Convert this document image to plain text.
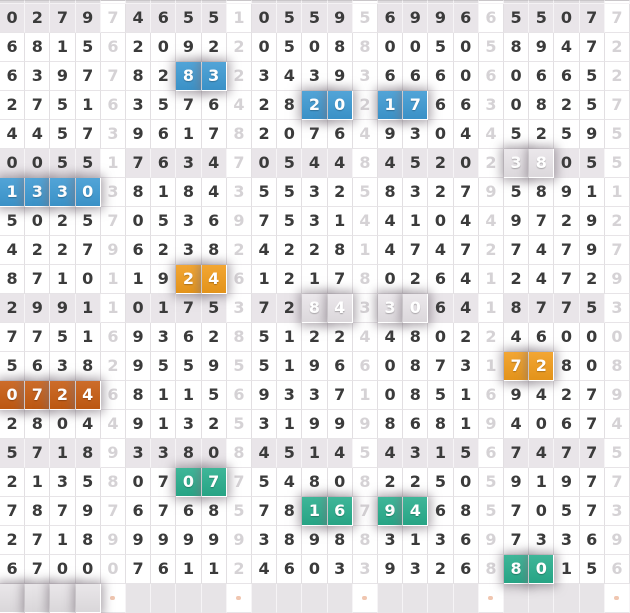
0 2 7 9 7 4 6 5 5 1 0 5 5 9 5 6 9 9 6 6 5 5 0 7 7
6 8 1 5 6 2 0 9 2 2 0 5 0 8 8 0 0 5 0 5 8 9 4 7 2
6 3 9 7 7 8 2 8 3 2 3 4 3 9 3 6 6 6 0 6 0 6 6 5 2
2 7 5 1 6 3 5 7 6 4 2 8 2 0 2 1 7 6 6 3 0 8 2 5 7
4 4 5 7 3 9 6 1 7 8 2 0 7 6 4 9 3 0 4 4 5 2 5 9 5
0 0 5 5 1 7 6 3 4 7 0 5 4 4 8 4 5 2 0 2 3 8 0 5 5
1 3 3 0 3 8 1 8 4 3 5 5 3 2 5 8 3 2 7 9 5 8 9 1 1
5 0 2 5 7 0 5 3 6 9 7 5 3 1 4 4 1 0 4 4 9 7 2 9 2
4 2 2 7 9 6 2 3 8 2 4 2 2 8 1 4 7 4 7 2 7 4 7 9 7
8 7 1 0 1 1 9 2 4 6 1 2 1 7 8 0 2 6 4 1 2 4 7 2 9
2 9 9 1 1 0 1 7 5 3 7 2 8 4 3 3 0 6 4 1 8 7 7 5 3
7 7 5 1 6 9 3 6 2 8 5 1 2 2 4 4 8 0 2 2 4 6 0 0 0
5 6 3 8 2 9 5 5 9 5 5 1 9 6 6 0 8 7 3 1 7 2 8 0 8
0 7 2 4 6 8 1 1 5 6 9 3 3 7 1 0 8 5 1 6 9 4 2 7 9
2 8 0 4 4 9 1 3 2 5 3 1 9 9 9 8 6 8 1 9 4 0 6 7 4
5 7 1 8 9 3 3 8 0 8 4 5 1 4 5 4 3 1 5 6 7 4 7 7 5
2 1 3 5 8 0 7 0 7 7 5 4 8 0 8 2 2 5 0 5 9 1 9 7 7
7 8 7 9 7 6 7 6 8 5 7 8 1 6 7 9 4 6 8 5 7 0 5 7 3
2 7 1 8 9 9 9 9 9 9 3 8 9 8 8 3 1 3 6 9 7 3 3 6 9
6 7 0 0 0 7 6 1 1 2 4 6 0 3 3 9 3 2 6 8 8 0 1 5 6
